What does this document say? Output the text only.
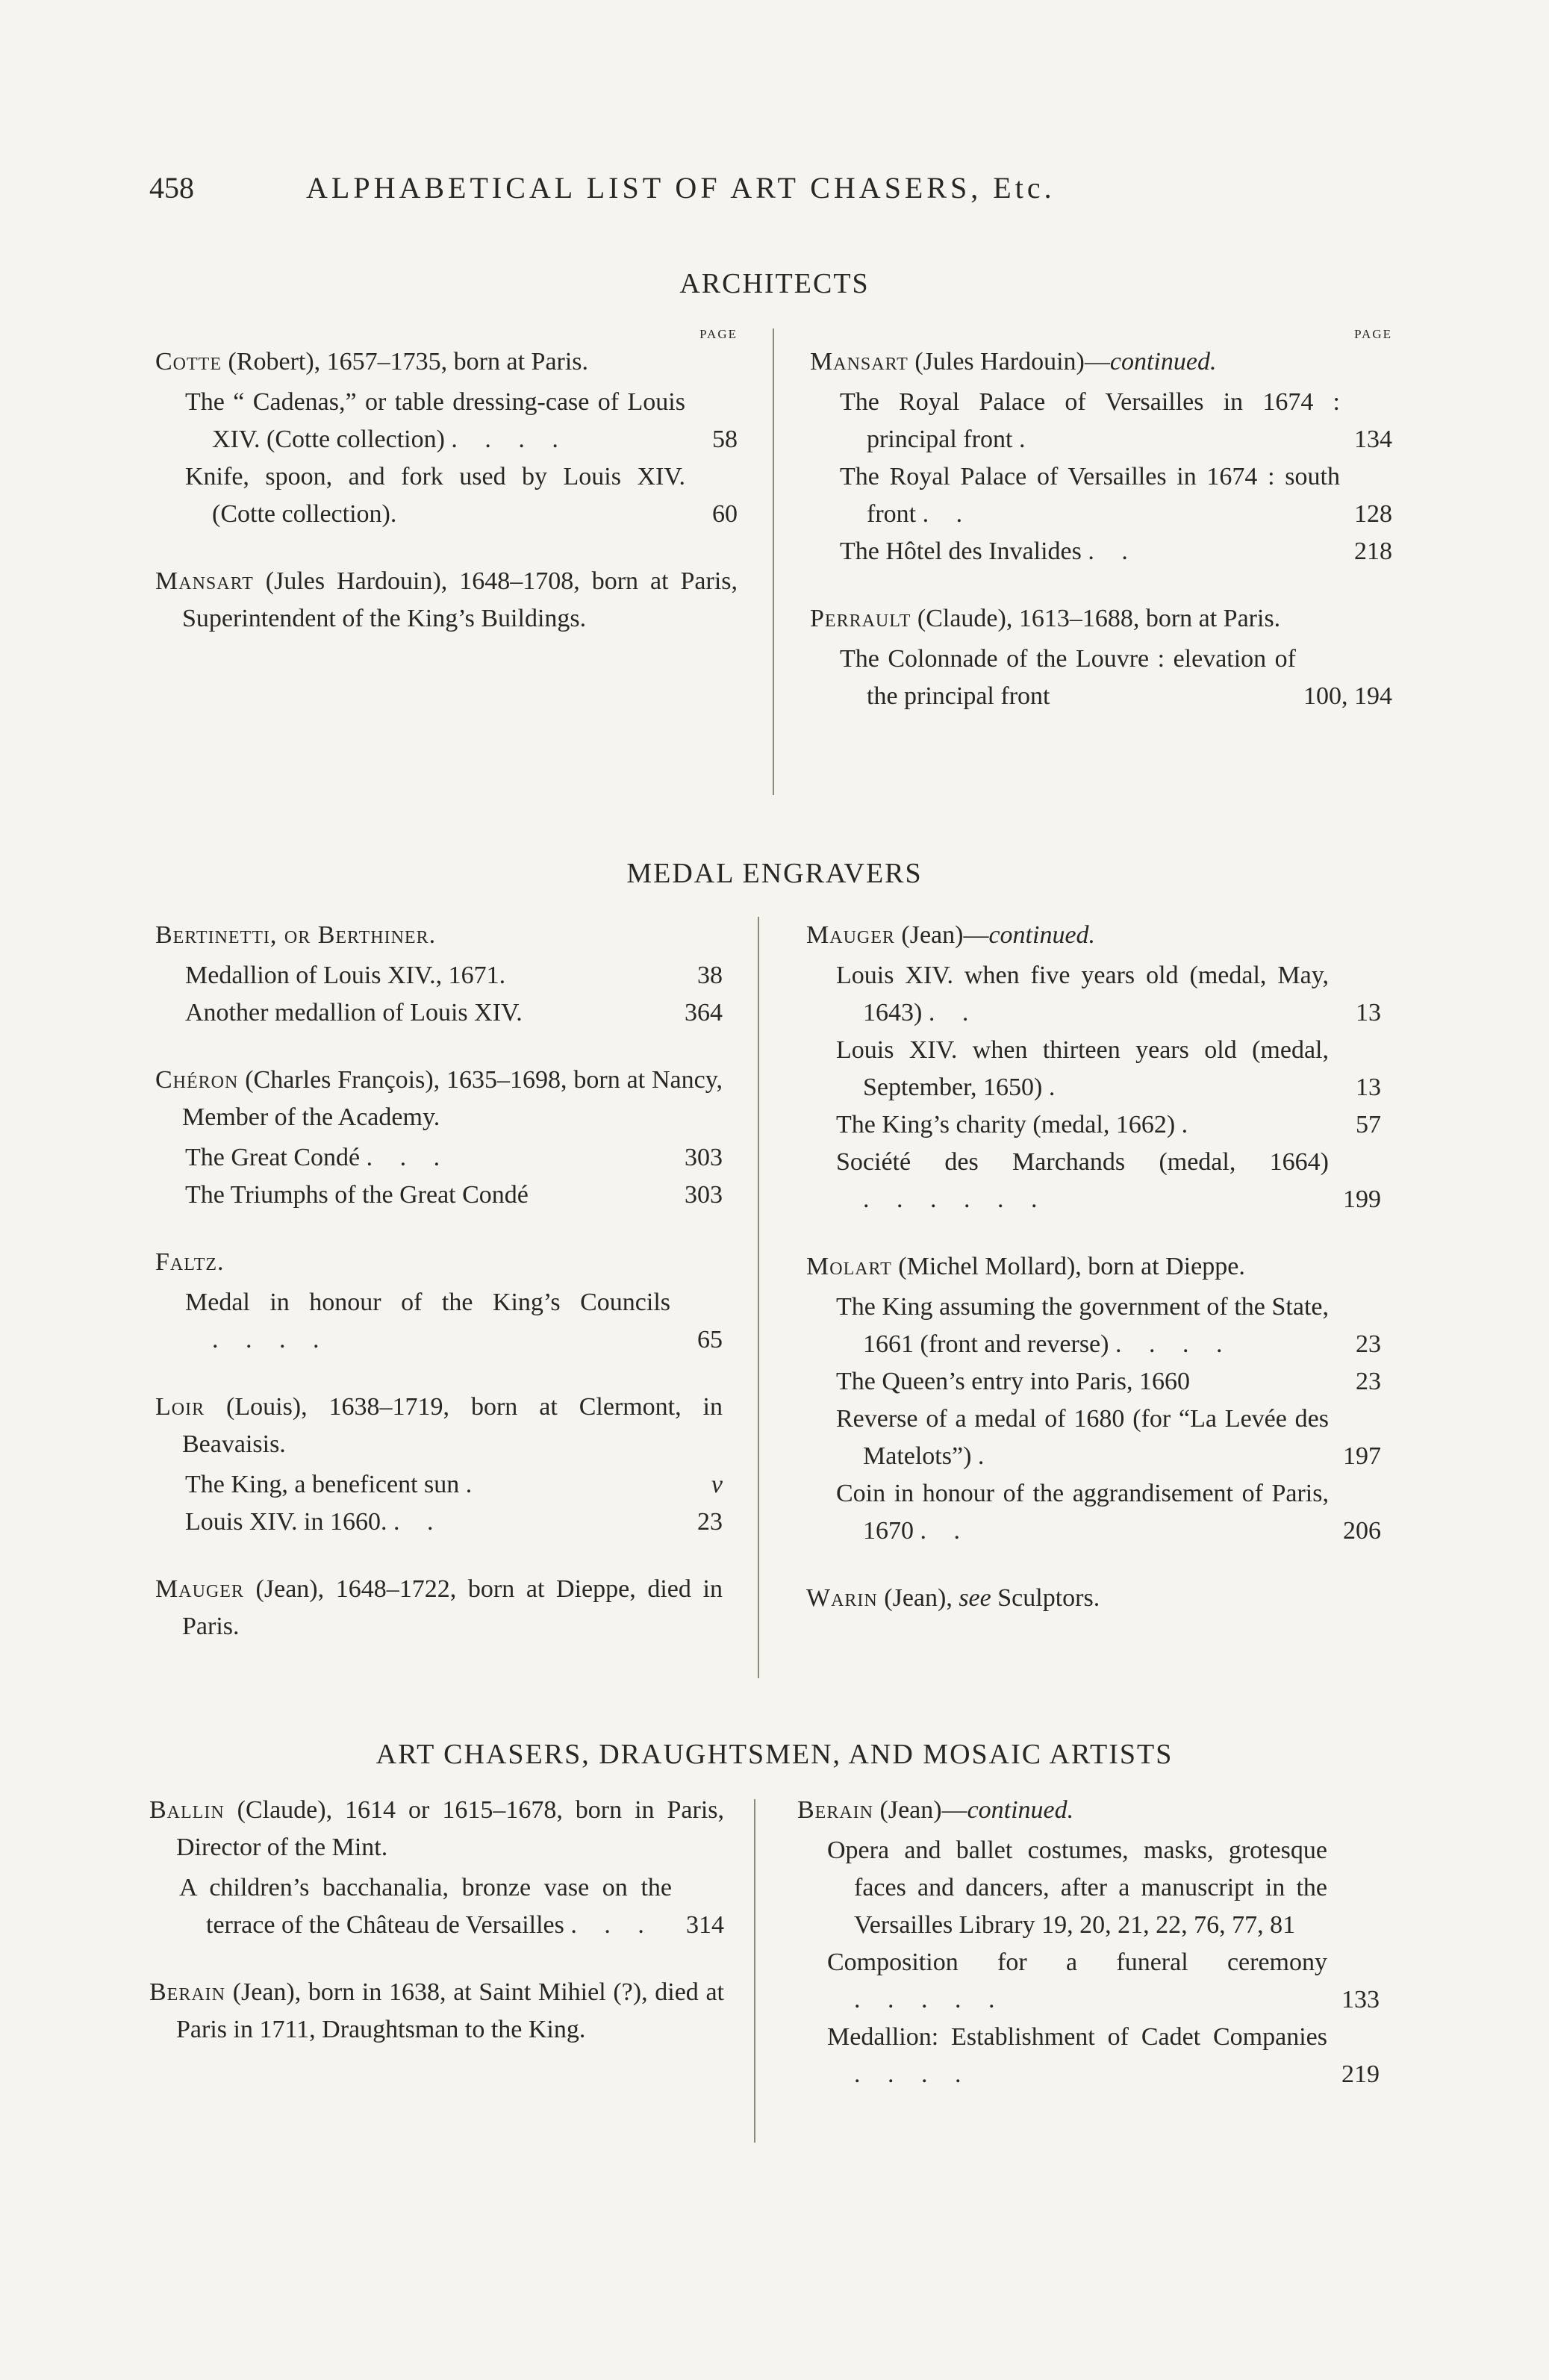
458	ALPHABETICAL LIST OF ART CHASERS, Etc.
ARCHITECTS
PAGE
Cotte (Robert), 1657–1735, born at Paris.
The “ Cadenas,” or table dressing-case of Louis XIV. (Cotte collection) . . . .	58
Knife, spoon, and fork used by Louis XIV. (Cotte collection).	60
Mansart (Jules Hardouin), 1648–1708, born at Paris, Superintendent of the King’s Buildings.
PAGE
Mansart (Jules Hardouin)—continued.
The Royal Palace of Versailles in 1674 : principal front .	134
The Royal Palace of Versailles in 1674 : south front . .	128
The Hôtel des Invalides . .	218
Perrault (Claude), 1613–1688, born at Paris.
The Colonnade of the Louvre : elevation of the principal front	100, 194
MEDAL ENGRAVERS
Bertinetti, or Berthiner.
Medallion of Louis XIV., 1671.	38
Another medallion of Louis XIV.	364
Chéron (Charles François), 1635–1698, born at Nancy, Member of the Academy.
The Great Condé . . .	303
The Triumphs of the Great Condé	303
Faltz.
Medal in honour of the King’s Councils . . . .	65
Loir (Louis), 1638–1719, born at Clermont, in Beavaisis.
The King, a beneficent sun .	v
Louis XIV. in 1660. . .	23
Mauger (Jean), 1648–1722, born at Dieppe, died in Paris.
Mauger (Jean)—continued.
Louis XIV. when five years old (medal, May, 1643) . .	13
Louis XIV. when thirteen years old (medal, September, 1650) .	13
The King’s charity (medal, 1662) .	57
Société des Marchands (medal, 1664) . . . . . .	199
Molart (Michel Mollard), born at Dieppe.
The King assuming the government of the State, 1661 (front and reverse) . . . .	23
The Queen’s entry into Paris, 1660	23
Reverse of a medal of 1680 (for “La Levée des Matelots”) .	197
Coin in honour of the aggrandisement of Paris, 1670 . .	206
Warin (Jean), see Sculptors.
ART CHASERS, DRAUGHTSMEN, AND MOSAIC ARTISTS
Ballin (Claude), 1614 or 1615–1678, born in Paris, Director of the Mint.
A children’s bacchanalia, bronze vase on the terrace of the Château de Versailles . . .	314
Berain (Jean), born in 1638, at Saint Mihiel (?), died at Paris in 1711, Draughtsman to the King.
Berain (Jean)—continued.
Opera and ballet costumes, masks, grotesque faces and dancers, after a manuscript in the Versailles Library 19, 20, 21, 22, 76, 77, 81
Composition for a funeral ceremony . . . . .	133
Medallion: Establishment of Cadet Companies . . . .	219
